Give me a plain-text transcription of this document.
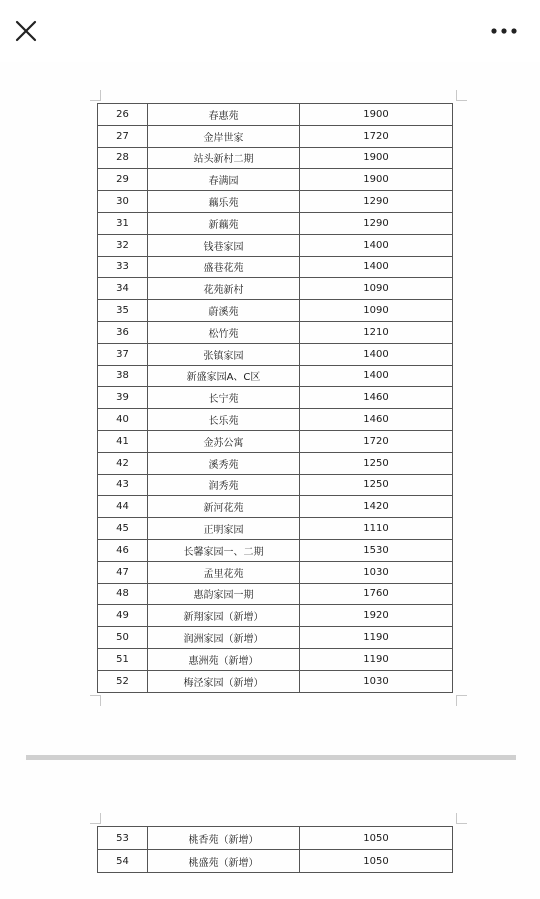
26	春惠苑	1900
27	金岸世家	1720
28	站头新村二期	1900
29	春满园	1900
30	藕乐苑	1290
31	新藕苑	1290
32	钱巷家园	1400
33	盛巷花苑	1400
34	花苑新村	1090
35	蔚溪苑	1090
36	松竹苑	1210
37	张镇家园	1400
38	新盛家园A、C区	1400
39	长宁苑	1460
40	长乐苑	1460
41	金苏公寓	1720
42	溪秀苑	1250
43	润秀苑	1250
44	新河花苑	1420
45	正明家园	1110
46	长馨家园一、二期	1530
47	孟里花苑	1030
48	惠韵家园一期	1760
49	新翔家园（新增）	1920
50	润洲家园（新增）	1190
51	惠洲苑（新增）	1190
52	梅泾家园（新增）	1030
53	桃香苑（新增）	1050
54	桃盛苑（新增）	1050
